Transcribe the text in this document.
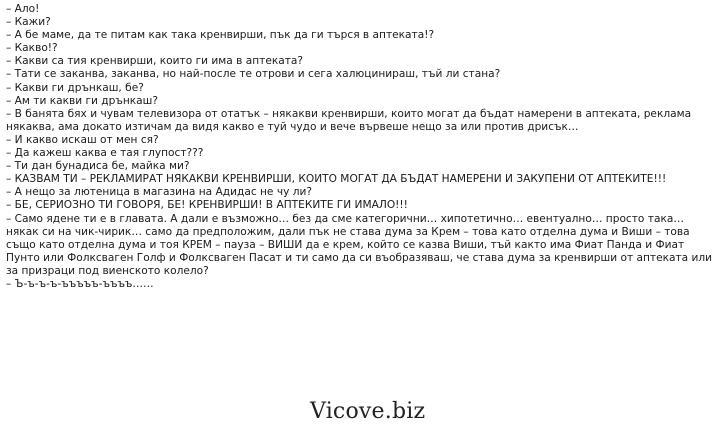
– Ало!

– Кажи?

– А бе маме, да те питам как така кренвирши, пък да ги търся в аптеката!?

– Какво!?

– Какви са тия кренвирши, които ги има в аптеката?

– Тати се заканва, заканва, но най-после те отрови и сега халюцинираш, тъй ли стана?

– Какви ги дрънкаш, бе?

– Ам ти какви ги дрънкаш?

– В банята бях и чувам телевизора от отатък – някакви кренвирши, които могат да бъдат намерени в аптеката, реклама някаква, ама докато изтичам да видя какво е туй чудо и вече вървеше нещо за или против дрисък…

– И какво искаш от мен ся?

– Да кажеш каква е тая глупост???

– Ти дан бунадиса бе, майка ми?

– КАЗВАМ ТИ – РЕКЛАМИРАТ НЯКАКВИ КРЕНВИРШИ, КОИТО МОГАТ ДА БЪДАТ НАМЕРЕНИ И ЗАКУПЕНИ ОТ АПТЕКИТЕ!!!

– А нещо за лютеница в магазина на Адидас не чу ли?

– БЕ, СЕРИОЗНО ТИ ГОВОРЯ, БЕ! КРЕНВИРШИ! В АПТЕКИТЕ ГИ ИМАЛО!!!

– Само ядене ти е в главата. А дали е възможно… без да сме категорични… хипотетично… евентуално… просто така… някак си на чик-чирик… само да предположим, дали пък не става дума за Крем – това като отделна дума и Виши – това също като отделна дума и тоя КРЕМ – пауза – ВИШИ да е крем, който се казва Виши, тъй както има Фиат Панда и Фиат Пунто или Фолксваген Голф и Фолксваген Пасат и ти само да си въобразяваш, че става дума за кренвирши от аптеката или за призраци под виенското колело?

– Ъ-ъ-ъ-ъ-ъъъъъ-ъъъъ……

Vicove.biz
